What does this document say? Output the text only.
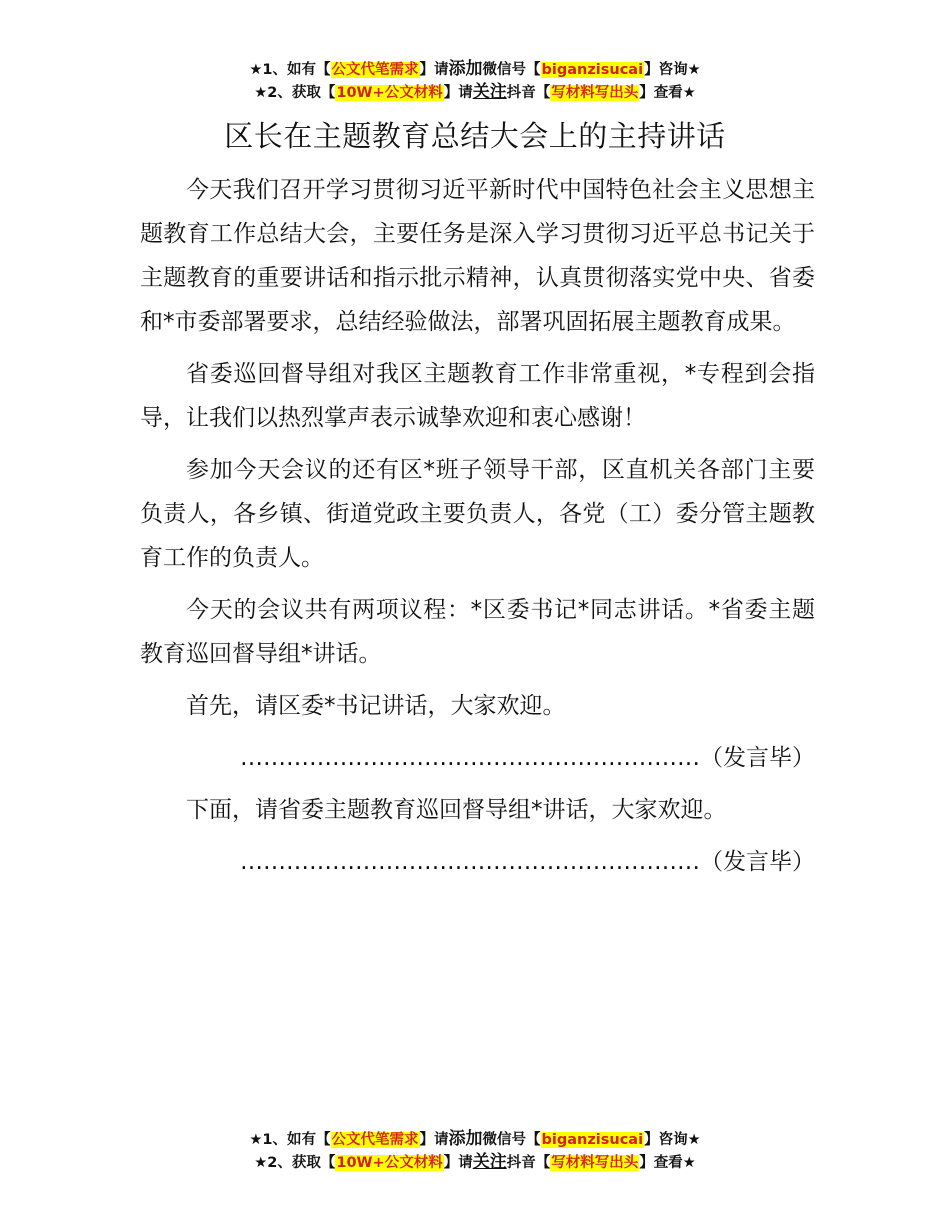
★1、如有【公文代笔需求】请添加微信号【biganzisucai】咨询★
★2、获取【10W+公文材料】请关注抖音【写材料写出头】查看★
区长在主题教育总结大会上的主持讲话

今天我们召开学习贯彻习近平新时代中国特色社会主义思想主题教育工作总结大会，主要任务是深入学习贯彻习近平总书记关于主题教育的重要讲话和指示批示精神，认真贯彻落实党中央、省委和*市委部署要求，总结经验做法，部署巩固拓展主题教育成果。

省委巡回督导组对我区主题教育工作非常重视，*专程到会指导，让我们以热烈掌声表示诚挚欢迎和衷心感谢！

参加今天会议的还有区*班子领导干部，区直机关各部门主要负责人，各乡镇、街道党政主要负责人，各党（工）委分管主题教育工作的负责人。

今天的会议共有两项议程：*区委书记*同志讲话。*省委主题教育巡回督导组*讲话。

首先，请区委*书记讲话，大家欢迎。

……………………………………………………（发言毕）

下面，请省委主题教育巡回督导组*讲话，大家欢迎。

……………………………………………………（发言毕）

★1、如有【公文代笔需求】请添加微信号【biganzisucai】咨询★
★2、获取【10W+公文材料】请关注抖音【写材料写出头】查看★
